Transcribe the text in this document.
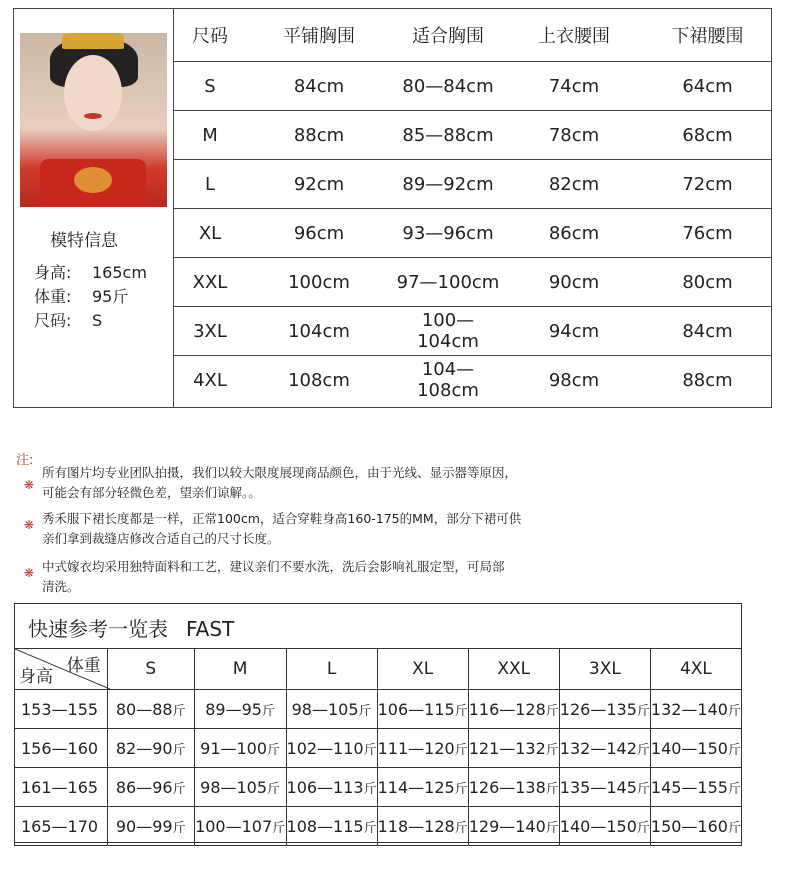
模特信息
身高: 165cm
体重: 95斤
尺码: S
尺码	平铺胸围	适合胸围	上衣腰围	下裙腰围
S	84cm	80—84cm	74cm	64cm
M	88cm	85—88cm	78cm	68cm
L	92cm	89—92cm	82cm	72cm
XL	96cm	93—96cm	86cm	76cm
XXL	100cm	97—100cm	90cm	80cm
3XL	104cm	100—104cm	94cm	84cm
4XL	108cm	104—108cm	98cm	88cm
注:
❋
所有图片均专业团队拍摄，我们以较大限度展现商品颜色，由于光线、显示器等原因，
可能会有部分轻微色差，望亲们谅解。。
❋ 秀禾服下裙长度都是一样，正常100cm，适合穿鞋身高160-175的MM，部分下裙可供
亲们拿到裁缝店修改合适自己的尺寸长度。
❋ 中式嫁衣均采用独特面料和工艺，建议亲们不要水洗，洗后会影响礼服定型，可局部
清洗。
快速参考一览表 FAST
体重
身高	S	M	L	XL	XXL	3XL	4XL
153—155	80—88斤	89—95斤	98—105斤	106—115斤	116—128斤	126—135斤	132—140斤
156—160	82—90斤	91—100斤	102—110斤	111—120斤	121—132斤	132—142斤	140—150斤
161—165	86—96斤	98—105斤	106—113斤	114—125斤	126—138斤	135—145斤	145—155斤
165—170	90—99斤	100—107斤	108—115斤	118—128斤	129—140斤	140—150斤	150—160斤
